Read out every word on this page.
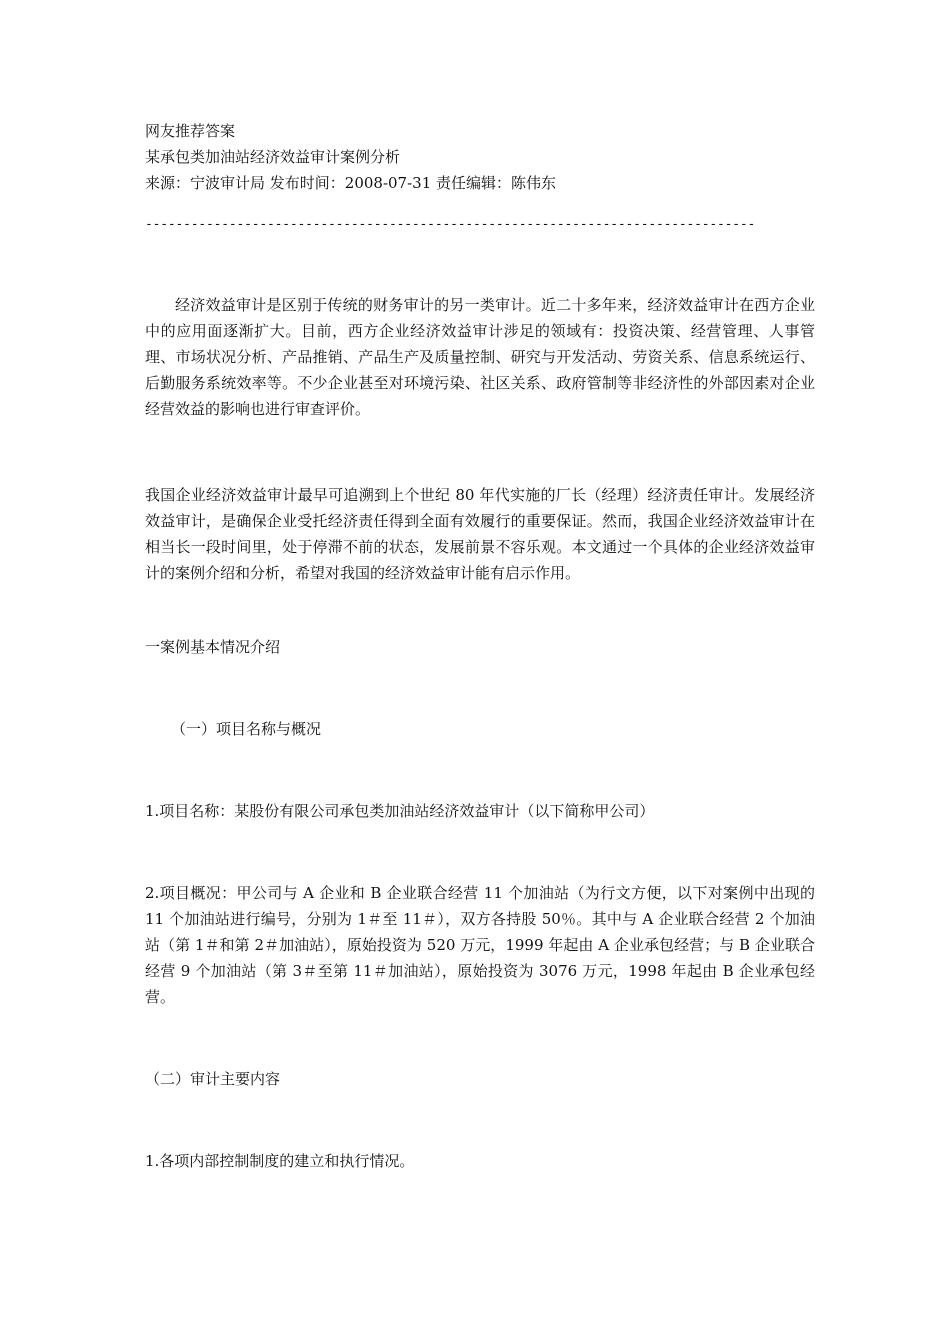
网友推荐答案
某承包类加油站经济效益审计案例分析
来源：宁波审计局 发布时间：2008-07-31 责任编辑：陈伟东
--------------------------------------------------------------------------------

经济效益审计是区别于传统的财务审计的另一类审计。近二十多年来，经济效益审计在西方企业中的应用面逐渐扩大。目前，西方企业经济效益审计涉足的领域有：投资决策、经营管理、人事管理、市场状况分析、产品推销、产品生产及质量控制、研究与开发活动、劳资关系、信息系统运行、后勤服务系统效率等。不少企业甚至对环境污染、社区关系、政府管制等非经济性的外部因素对企业经营效益的影响也进行审查评价。

我国企业经济效益审计最早可追溯到上个世纪 80 年代实施的厂长（经理）经济责任审计。发展经济效益审计，是确保企业受托经济责任得到全面有效履行的重要保证。然而，我国企业经济效益审计在相当长一段时间里，处于停滞不前的状态，发展前景不容乐观。本文通过一个具体的企业经济效益审计的案例介绍和分析，希望对我国的经济效益审计能有启示作用。

一案例基本情况介绍
（一）项目名称与概况
1.项目名称：某股份有限公司承包类加油站经济效益审计（以下简称甲公司）

2.项目概况：甲公司与 A 企业和 B 企业联合经营 11 个加油站（为行文方便，以下对案例中出现的 11 个加油站进行编号，分别为 1＃至 11＃），双方各持股 50％。其中与 A 企业联合经营 2 个加油站（第 1＃和第 2＃加油站），原始投资为 520 万元，1999 年起由 A 企业承包经营；与 B 企业联合经营 9 个加油站（第 3＃至第 11＃加油站），原始投资为 3076 万元，1998 年起由 B 企业承包经营。

（二）审计主要内容
1.各项内部控制制度的建立和执行情况。
